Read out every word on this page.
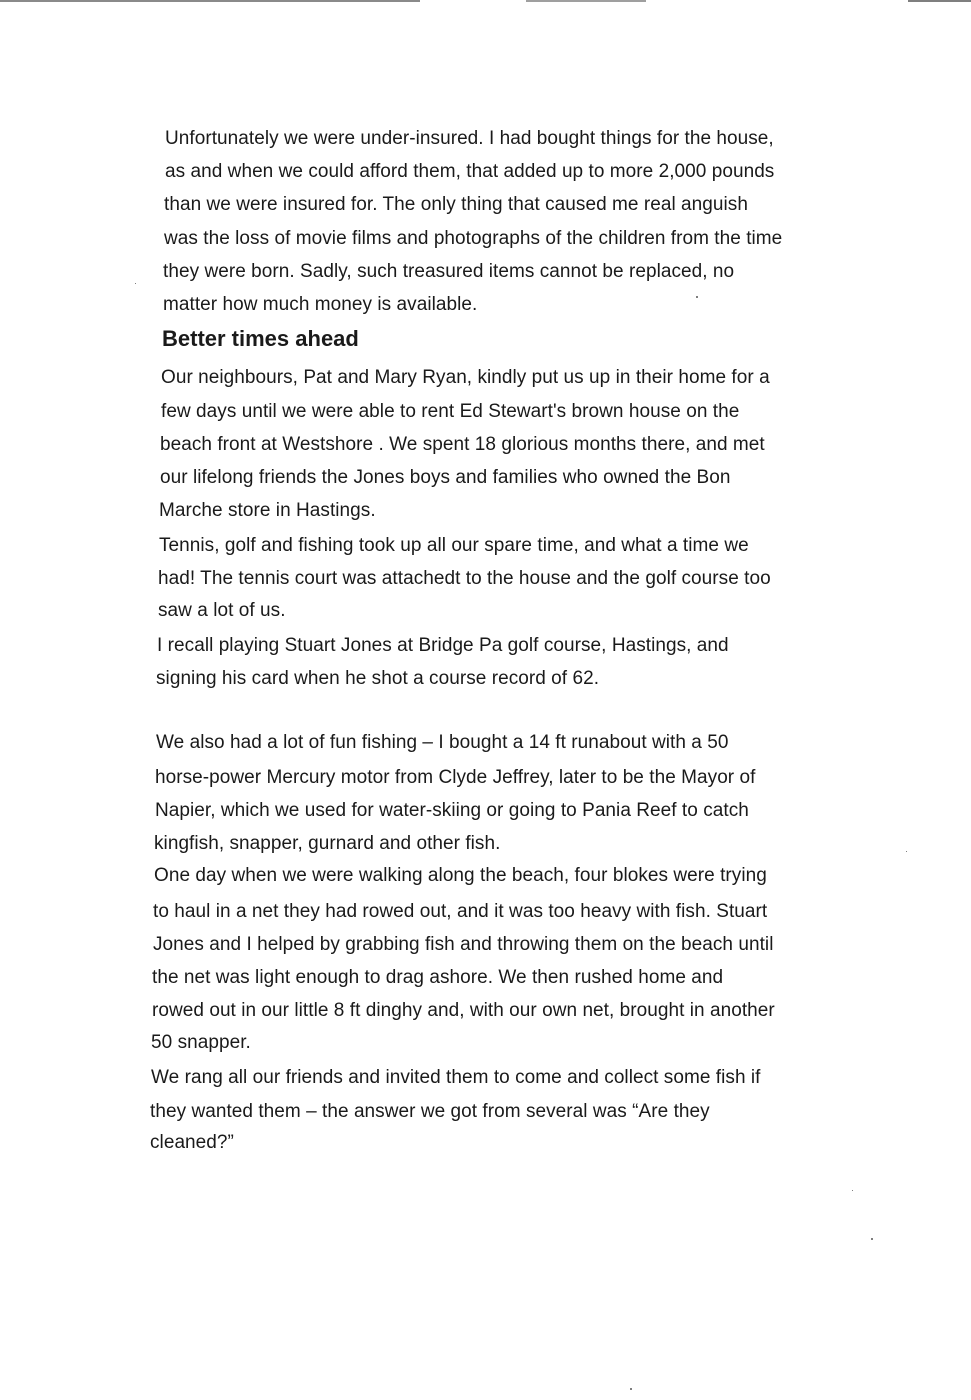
Unfortunately we were under-insured. I had bought things for the house,
as and when we could afford them, that added up to more 2,000 pounds
than we were insured for. The only thing that caused me real anguish
was the loss of movie films and photographs of the children from the time
they were born. Sadly, such treasured items cannot be replaced, no
matter how much money is available.
Better times ahead
Our neighbours, Pat and Mary Ryan, kindly put us up in their home for a
few days until we were able to rent Ed Stewart's brown house on the
beach front at Westshore . We spent 18 glorious months there, and met
our lifelong friends the Jones boys and families who owned the Bon
Marche store in Hastings.
Tennis, golf and fishing took up all our spare time, and what a time we
had! The tennis court was attachedt to the house and the golf course too
saw a lot of us.
I recall playing Stuart Jones at Bridge Pa golf course, Hastings, and
signing his card when he shot a course record of 62.
We also had a lot of fun fishing – I bought a 14 ft runabout with a 50
horse-power Mercury motor from Clyde Jeffrey, later to be the Mayor of
Napier, which we used for water-skiing or going to Pania Reef to catch
kingfish, snapper, gurnard and other fish.
One day when we were walking along the beach, four blokes were trying
to haul in a net they had rowed out, and it was too heavy with fish. Stuart
Jones and I helped by grabbing fish and throwing them on the beach until
the net was light enough to drag ashore. We then rushed home and
rowed out in our little 8 ft dinghy and, with our own net, brought in another
50 snapper.
We rang all our friends and invited them to come and collect some fish if
they wanted them – the answer we got from several was “Are they
cleaned?”
